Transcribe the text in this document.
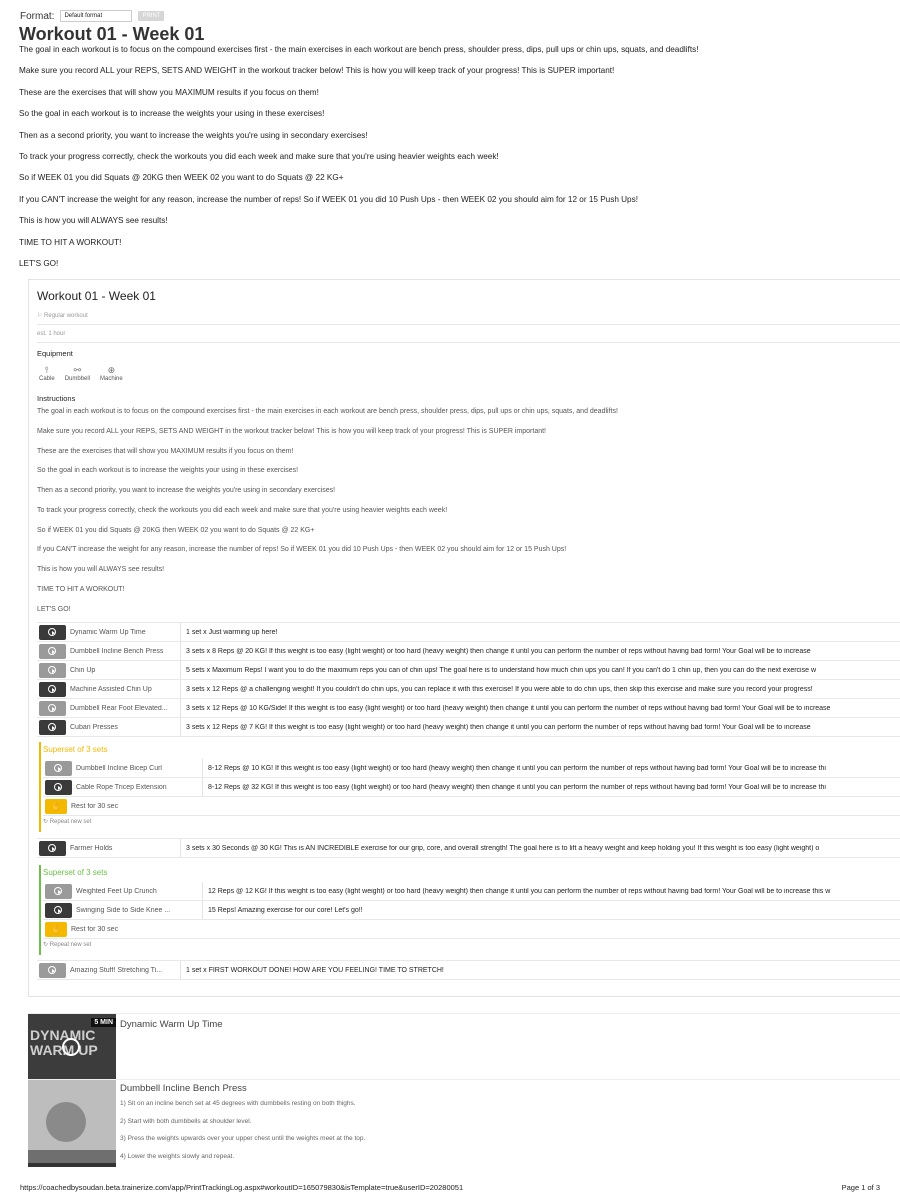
Format:	Default format	PRINT
Workout 01 - Week 01

The goal in each workout is to focus on the compound exercises first - the main exercises in each workout are bench press, shoulder press, dips, pull ups or chin ups, squats, and deadlifts!

Make sure you record ALL your REPS, SETS AND WEIGHT in the workout tracker below! This is how you will keep track of your progress! This is SUPER important!

These are the exercises that will show you MAXIMUM results if you focus on them!

So the goal in each workout is to increase the weights your using in these exercises!

Then as a second priority, you want to increase the weights you're using in secondary exercises!

To track your progress correctly, check the workouts you did each week and make sure that you're using heavier weights each week!

So if WEEK 01 you did Squats @ 20KG then WEEK 02 you want to do Squats @ 22 KG+

If you CAN'T increase the weight for any reason, increase the number of reps! So if WEEK 01 you did 10 Push Ups - then WEEK 02 you should aim for 12 or 15 Push Ups!

This is how you will ALWAYS see results!

TIME TO HIT A WORKOUT!

LET'S GO!

Workout 01 - Week 01
⚐ Regular workout
est. 1 hour
Equipment
⫯
Cable
⚯
Dumbbell
⊕
Machine
Instructions

The goal in each workout is to focus on the compound exercises first - the main exercises in each workout are bench press, shoulder press, dips, pull ups or chin ups, squats, and deadlifts!

Make sure you record ALL your REPS, SETS AND WEIGHT in the workout tracker below! This is how you will keep track of your progress! This is SUPER important!

These are the exercises that will show you MAXIMUM results if you focus on them!

So the goal in each workout is to increase the weights your using in these exercises!

Then as a second priority, you want to increase the weights you're using in secondary exercises!

To track your progress correctly, check the workouts you did each week and make sure that you're using heavier weights each week!

So if WEEK 01 you did Squats @ 20KG then WEEK 02 you want to do Squats @ 22 KG+

If you CAN'T increase the weight for any reason, increase the number of reps! So if WEEK 01 you did 10 Push Ups - then WEEK 02 you should aim for 12 or 15 Push Ups!

This is how you will ALWAYS see results!

TIME TO HIT A WORKOUT!

LET'S GO!

Dynamic Warm Up Time	1 set x Just warming up here!
Dumbbell Incline Bench Press	3 sets x 8 Reps @ 20 KG! If this weight is too easy (light weight) or too hard (heavy weight) then change it until you can perform the number of reps without having bad form! Your Goal will be to increase
Chin Up	5 sets x Maximum Reps! I want you to do the maximum reps you can of chin ups! The goal here is to understand how much chin ups you can! If you can't do 1 chin up, then you can do the next exercise w
Machine Assisted Chin Up	3 sets x 12 Reps @ a challenging weight! If you couldn't do chin ups, you can replace it with this exercise! If you were able to do chin ups, then skip this exercise and make sure you record your progress!
Dumbbell Rear Foot Elevated...	3 sets x 12 Reps @ 10 KG/Side! If this weight is too easy (light weight) or too hard (heavy weight) then change it until you can perform the number of reps without having bad form! Your Goal will be to increase
Cuban Presses	3 sets x 12 Reps @ 7 KG! If this weight is too easy (light weight) or too hard (heavy weight) then change it until you can perform the number of reps without having bad form! Your Goal will be to increase
Superset of 3 sets
Dumbbell Incline Bicep Curl	8-12 Reps @ 10 KG! If this weight is too easy (light weight) or too hard (heavy weight) then change it until you can perform the number of reps without having bad form! Your Goal will be to increase thi
Cable Rope Tricep Extension	8-12 Reps @ 32 KG! If this weight is too easy (light weight) or too hard (heavy weight) then change it until you can perform the number of reps without having bad form! Your Goal will be to increase thi
✋	Rest for 30 sec
↻ Repeat new set
Farmer Holds	3 sets x 30 Seconds @ 30 KG! This is AN INCREDIBLE exercise for our grip, core, and overall strength! The goal here is to lift a heavy weight and keep holding you! If this weight is too easy (light weight) o
Superset of 3 sets
Weighted Feet Up Crunch	12 Reps @ 12 KG! If this weight is too easy (light weight) or too hard (heavy weight) then change it until you can perform the number of reps without having bad form! Your Goal will be to increase this w
Swinging Side to Side Knee ...	15 Reps! Amazing exercise for our core! Let's go!!
✋	Rest for 30 sec
↻ Repeat new set
Amazing Stuff! Stretching Ti...	1 set x FIRST WORKOUT DONE! HOW ARE YOU FEELING! TIME TO STRETCH!
5 MIN
DYNAMIC WARM UP
Dynamic Warm Up Time
Dumbbell Incline Bench Press

1) Sit on an incline bench set at 45 degrees with dumbbells resting on both thighs.

2) Start with both dumbbells at shoulder level.

3) Press the weights upwards over your upper chest until the weights meet at the top.

4) Lower the weights slowly and repeat.

https://coachedbysoudan.beta.trainerize.com/app/PrintTrackingLog.aspx#workoutID=165079830&isTemplate=true&userID=20280051	Page 1 of 3
